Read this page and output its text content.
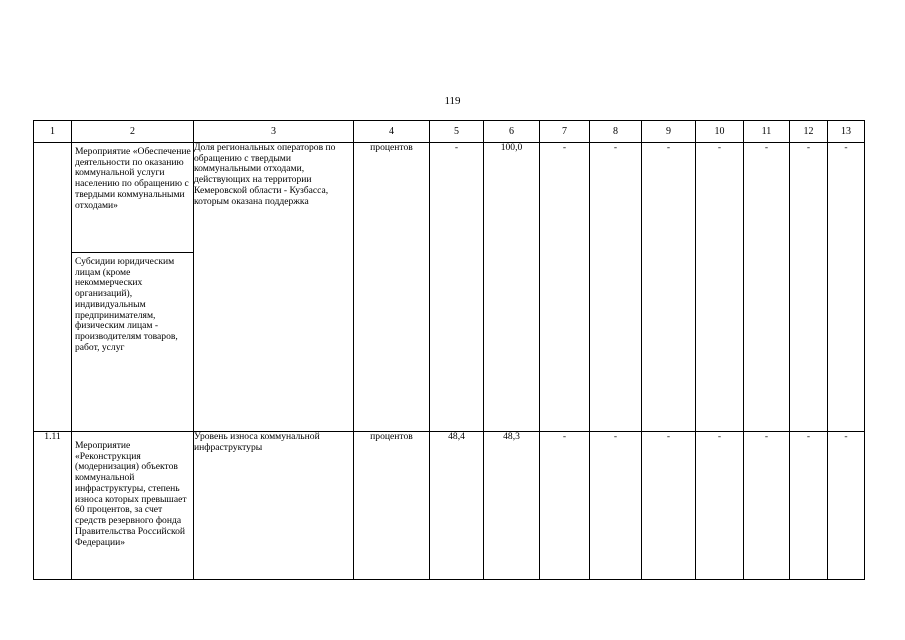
119
1	2	3	4	5	6	7	8	9	10	11	12	13

	Мероприятие «Обеспечение деятельности по оказанию коммунальной услуги населению по обращению с твердыми коммунальными отходами»	Доля региональных операторов по обращению с твердыми коммунальными отходами, действующих на территории Кемеровской области - Кузбасса, которым оказана поддержка	процентов	-	100,0	-	-	-	-	-	-	-

	Субсидии юридическим лицам (кроме некоммерческих организаций), индивидуальным предпринимателям, физическим лицам - производителям товаров, работ, услуг											

1.11	Мероприятие «Реконструкция (модернизация) объектов коммунальной инфраструктуры, степень износа которых превышает 60 процентов, за счет средств резервного фонда Правительства Российской Федерации»	Уровень износа коммунальной инфраструктуры	процентов	48,4	48,3	-	-	-	-	-	-	-
